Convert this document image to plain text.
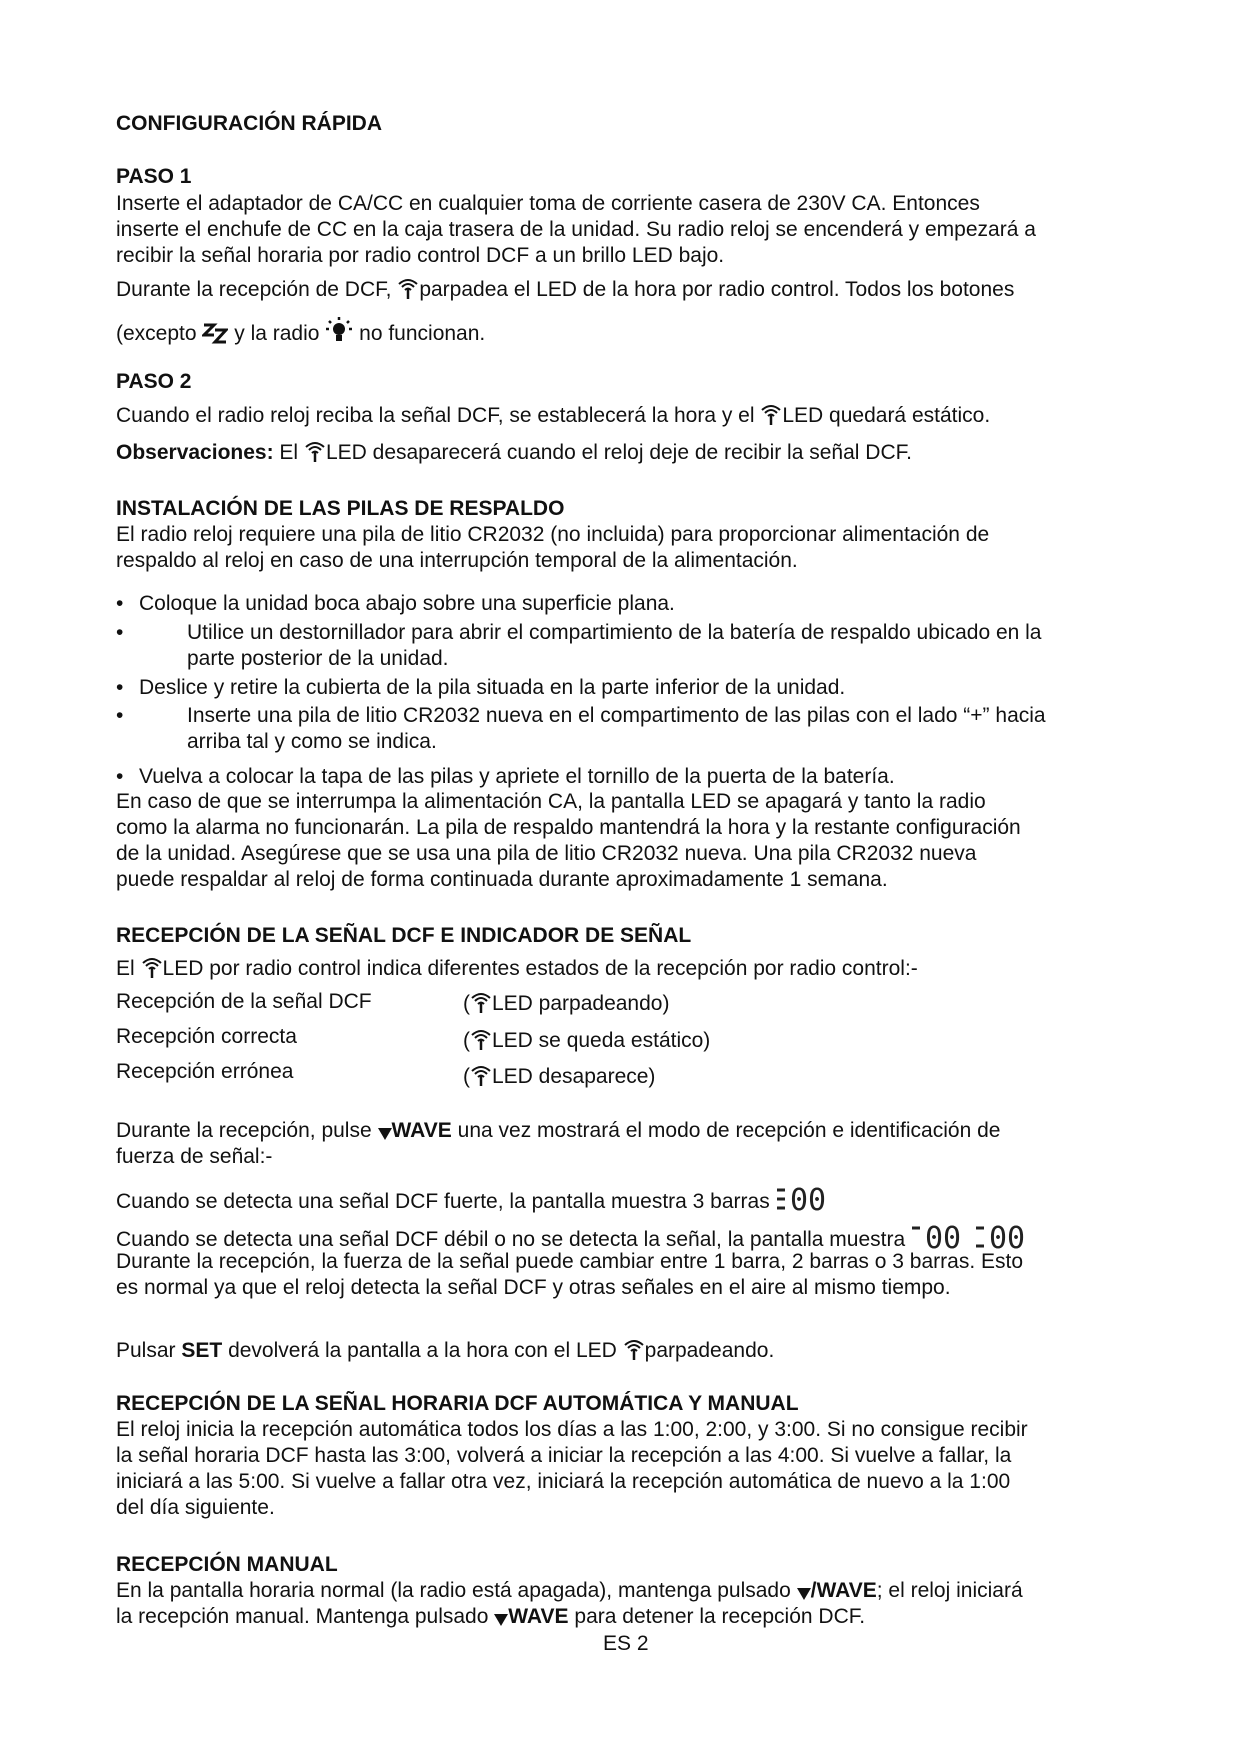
CONFIGURACIÓN RÁPIDA
PASO 1
Inserte el adaptador de CA/CC en cualquier toma de corriente casera de 230V CA. Entonces
inserte el enchufe de CC en la caja trasera de la unidad. Su radio reloj se encenderá y empezará a
recibir la señal horaria por radio control DCF a un brillo LED bajo.
Durante la recepción de DCF, parpadea el LED de la hora por radio control. Todos los botones
(excepto y la radio no funcionan.
PASO 2
Cuando el radio reloj reciba la señal DCF, se establecerá la hora y el LED quedará estático.
Observaciones: El LED desaparecerá cuando el reloj deje de recibir la señal DCF.
INSTALACIÓN DE LAS PILAS DE RESPALDO
El radio reloj requiere una pila de litio CR2032 (no incluida) para proporcionar alimentación de
respaldo al reloj en caso de una interrupción temporal de la alimentación.
• Coloque la unidad boca abajo sobre una superficie plana.
•	Utilice un destornillador para abrir el compartimiento de la batería de respaldo ubicado en la
parte posterior de la unidad.
• Deslice y retire la cubierta de la pila situada en la parte inferior de la unidad.
•	Inserte una pila de litio CR2032 nueva en el compartimento de las pilas con el lado “+” hacia
arriba tal y como se indica.
• Vuelva a colocar la tapa de las pilas y apriete el tornillo de la puerta de la batería.
En caso de que se interrumpa la alimentación CA, la pantalla LED se apagará y tanto la radio
como la alarma no funcionarán. La pila de respaldo mantendrá la hora y la restante configuración
de la unidad. Asegúrese que se usa una pila de litio CR2032 nueva. Una pila CR2032 nueva
puede respaldar al reloj de forma continuada durante aproximadamente 1 semana.
RECEPCIÓN DE LA SEÑAL DCF E INDICADOR DE SEÑAL
El LED por radio control indica diferentes estados de la recepción por radio control:-
Recepción de la señal DCF	( LED parpadeando)
Recepción correcta	( LED se queda estático)
Recepción errónea	( LED desaparece)
Durante la recepción, pulse WAVE una vez mostrará el modo de recepción e identificación de
fuerza de señal:-
Cuando se detecta una señal DCF fuerte, la pantalla muestra 3 barras 00
Cuando se detecta una señal DCF débil o no se detecta la señal, la pantalla muestra 00
00
Durante la recepción, la fuerza de la señal puede cambiar entre 1 barra, 2 barras o 3 barras. Esto
es normal ya que el reloj detecta la señal DCF y otras señales en el aire al mismo tiempo.
Pulsar SET devolverá la pantalla a la hora con el LED parpadeando.
RECEPCIÓN DE LA SEÑAL HORARIA DCF AUTOMÁTICA Y MANUAL
El reloj inicia la recepción automática todos los días a las 1:00, 2:00, y 3:00. Si no consigue recibir
la señal horaria DCF hasta las 3:00, volverá a iniciar la recepción a las 4:00. Si vuelve a fallar, la
iniciará a las 5:00. Si vuelve a fallar otra vez, iniciará la recepción automática de nuevo a la 1:00
del día siguiente.
RECEPCIÓN MANUAL
En la pantalla horaria normal (la radio está apagada), mantenga pulsado /WAVE; el reloj iniciará
la recepción manual. Mantenga pulsado WAVE para detener la recepción DCF.
ES 2
